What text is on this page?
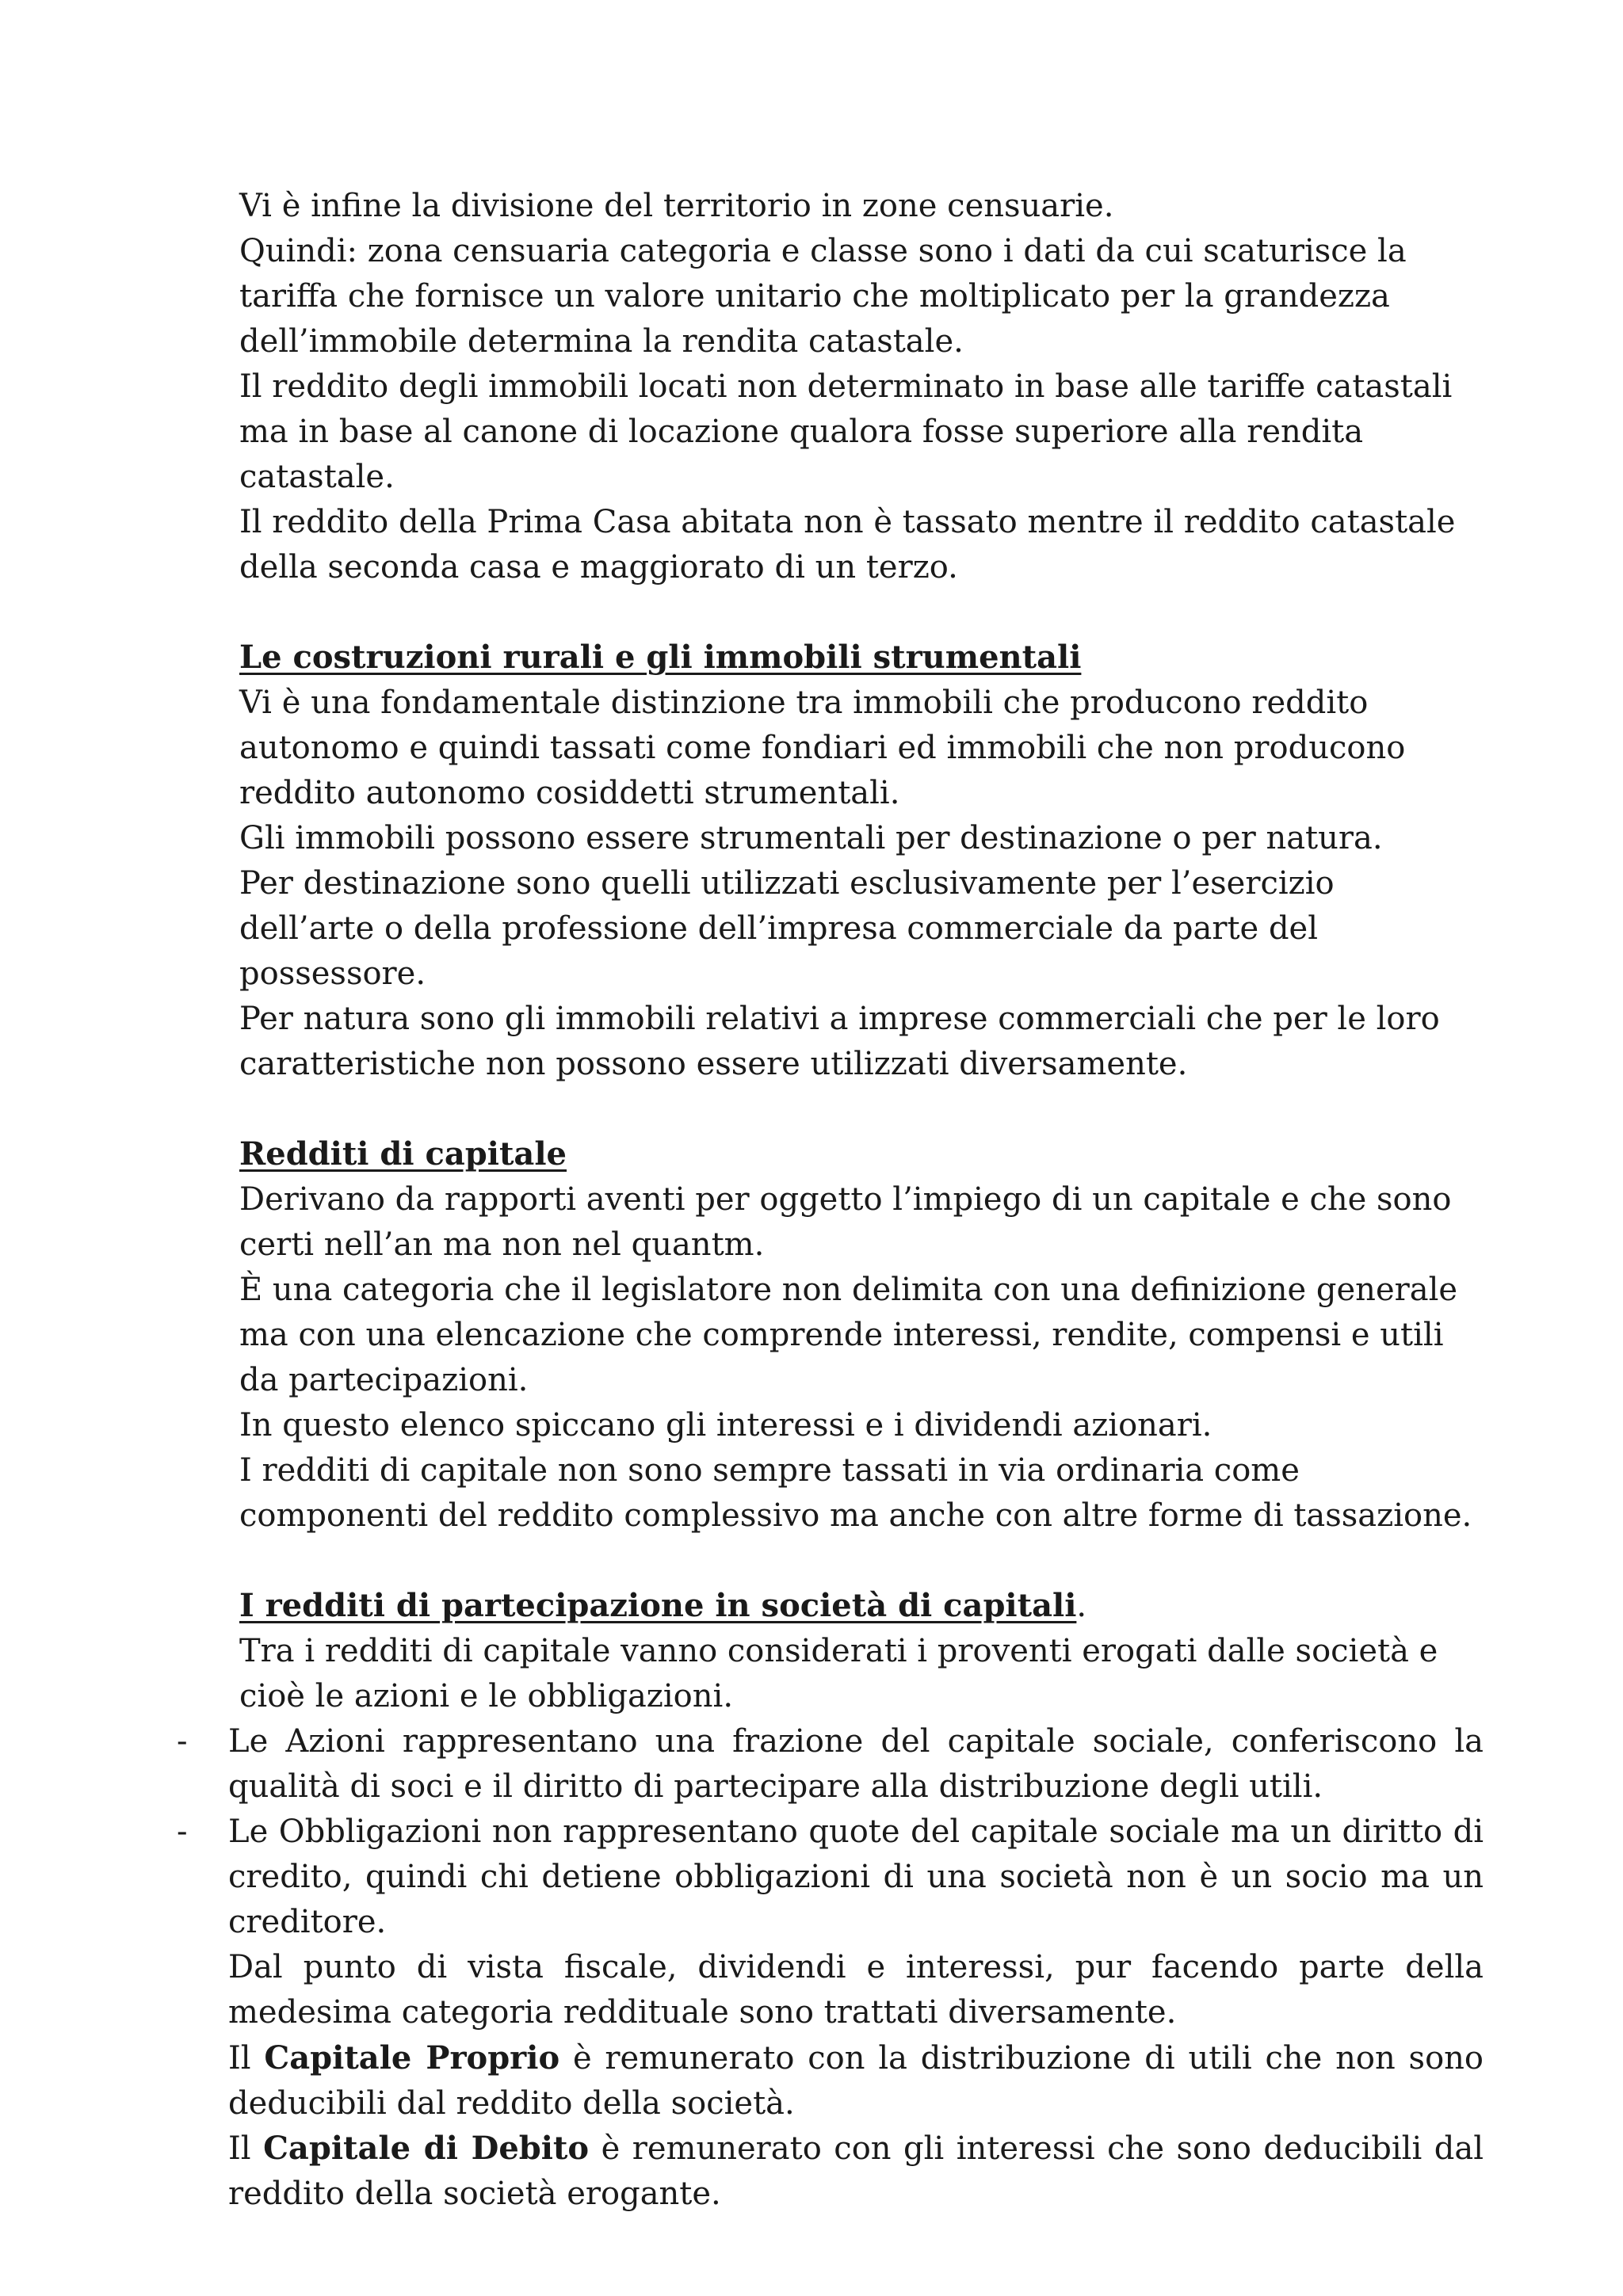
Vi è infine la divisione del territorio in zone censuarie.
Quindi: zona censuaria categoria e classe sono i dati da cui scaturisce la
tariffa che fornisce un valore unitario che moltiplicato per la grandezza
dell’immobile determina la rendita catastale.
Il reddito degli immobili locati non determinato in base alle tariffe catastali
ma in base al canone di locazione qualora fosse superiore alla rendita
catastale.
Il reddito della Prima Casa abitata non è tassato mentre il reddito catastale
della seconda casa e maggiorato di un terzo.
Le costruzioni rurali e gli immobili strumentali
Vi è una fondamentale distinzione tra immobili che producono reddito
autonomo e quindi tassati come fondiari ed immobili che non producono
reddito autonomo cosiddetti strumentali.
Gli immobili possono essere strumentali per destinazione o per natura.
Per destinazione sono quelli utilizzati esclusivamente per l’esercizio
dell’arte o della professione dell’impresa commerciale da parte del
possessore.
Per natura sono gli immobili relativi a imprese commerciali che per le loro
caratteristiche non possono essere utilizzati diversamente.
Redditi di capitale
Derivano da rapporti aventi per oggetto l’impiego di un capitale e che sono
certi nell’an ma non nel quantm.
È una categoria che il legislatore non delimita con una definizione generale
ma con una elencazione che comprende interessi, rendite, compensi e utili
da partecipazioni.
In questo elenco spiccano gli interessi e i dividendi azionari.
I redditi di capitale non sono sempre tassati in via ordinaria come
componenti del reddito complessivo ma anche con altre forme di tassazione.
I redditi di partecipazione in società di capitali.
Tra i redditi di capitale vanno considerati i proventi erogati dalle società e
cioè le azioni e le obbligazioni.
- Le Azioni rappresentano una frazione del capitale sociale, conferiscono la qualità di soci e il diritto di partecipare alla distribuzione degli utili.
- Le Obbligazioni non rappresentano quote del capitale sociale ma un diritto di credito, quindi chi detiene obbligazioni di una società non è un socio ma un creditore.
Dal punto di vista fiscale, dividendi e interessi, pur facendo parte della medesima categoria reddituale sono trattati diversamente.
Il Capitale Proprio è remunerato con la distribuzione di utili che non sono deducibili dal reddito della società.
Il Capitale di Debito è remunerato con gli interessi che sono deducibili dal reddito della società erogante.
